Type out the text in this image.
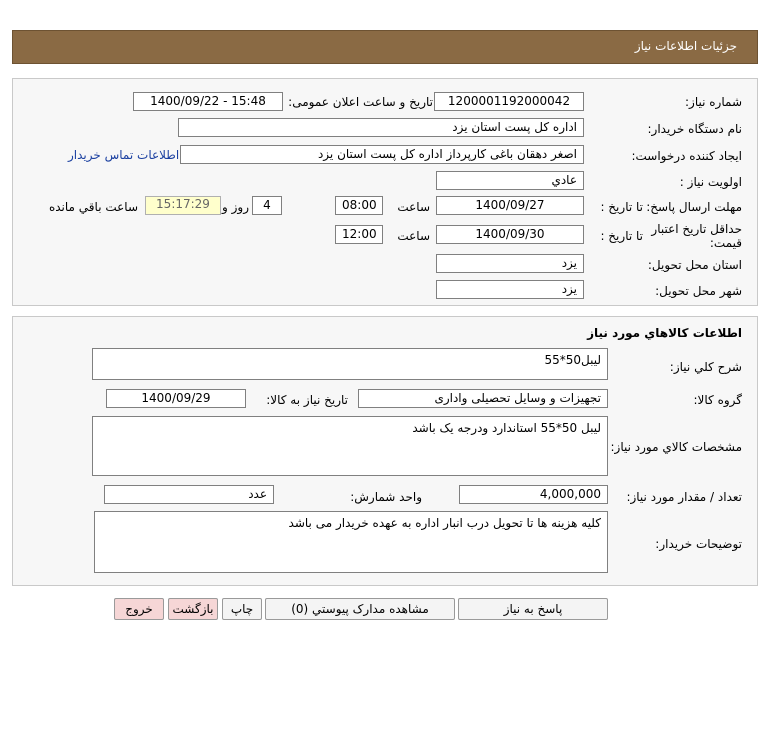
جزئیات اطلاعات نیاز
شماره نیاز:
1200001192000042
تاریخ و ساعت اعلان عمومی:
1400/09/22 - 15:48
نام دستگاه خریدار:
اداره کل پست استان یزد
ایجاد کننده درخواست:
اصغر دهقان باغی کارپرداز اداره کل پست استان یزد
اطلاعات تماس خریدار
اولویت نیاز :
عادي
مهلت ارسال پاسخ:
تا تاریخ :
1400/09/27
ساعت
08:00
4
روز و
15:17:29
ساعت باقي مانده
حداقل تاریخ اعتبار
قیمت:
تا تاریخ :
1400/09/30
ساعت
12:00
استان محل تحویل:
یزد
شهر محل تحویل:
یزد
اطلاعات کالاهاي مورد نياز
شرح کلي نياز:
لیبل50*55
گروه کالا:
تجهیزات و وسایل تحصیلی واداری
تاريخ نياز به کالا:
1400/09/29
مشخصات کالاي مورد نياز:
لیبل 50*55 استاندارد ودرجه یک باشد
تعداد / مقدار مورد نياز:
4,000,000
واحد شمارش:
عدد
توضيحات خريدار:
کلیه هزینه ها تا تحویل درب انبار اداره به عهده خریدار می باشد
پاسخ به نياز
مشاهده مدارک پيوستي (0)
چاپ
بازگشت
خروج
